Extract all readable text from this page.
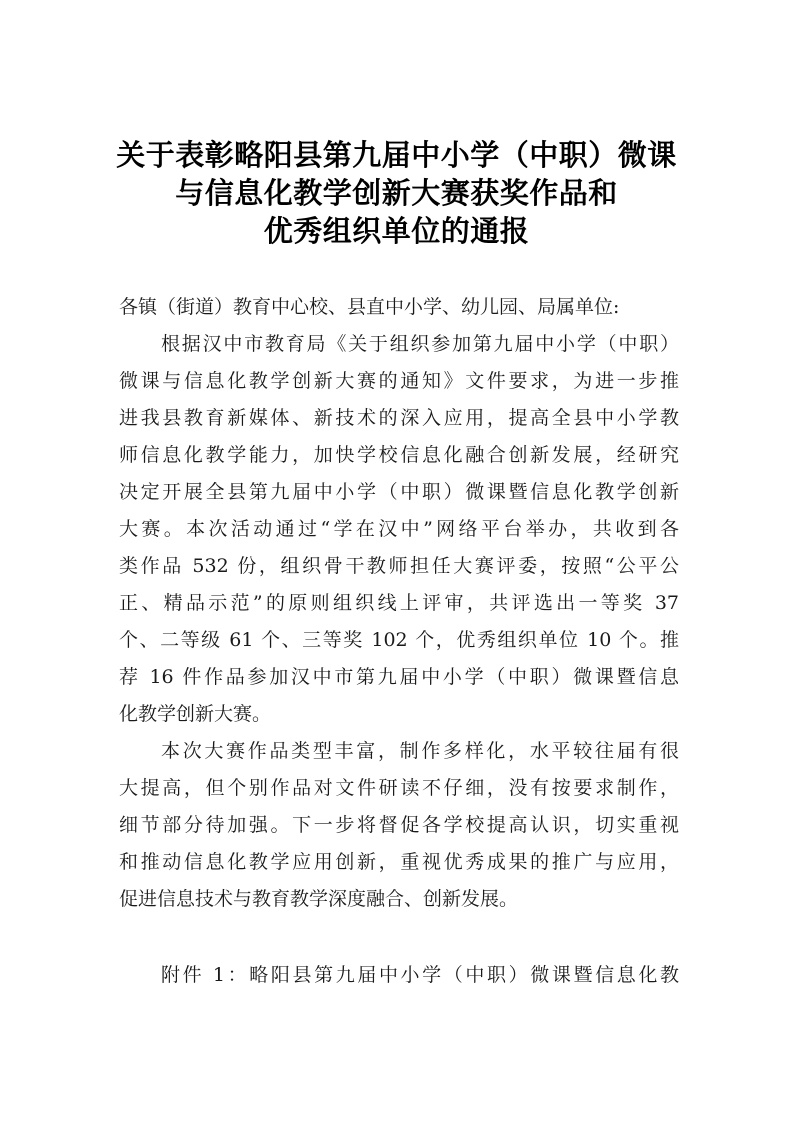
关于表彰略阳县第九届中小学（中职）微课
与信息化教学创新大赛获奖作品和
优秀组织单位的通报
各镇（街道）教育中心校、县直中小学、幼儿园、局属单位:
根据汉中市教育局《关于组织参加第九届中小学（中职）
微课与信息化教学创新大赛的通知》文件要求，为进一步推
进我县教育新媒体、新技术的深入应用，提高全县中小学教
师信息化教学能力，加快学校信息化融合创新发展，经研究
决定开展全县第九届中小学（中职）微课暨信息化教学创新
大赛。本次活动通过“学在汉中”网络平台举办，共收到各
类作品 532 份，组织骨干教师担任大赛评委，按照“公平公
正、精品示范”的原则组织线上评审，共评选出一等奖 37
个、二等级 61 个、三等奖 102 个，优秀组织单位 10 个。推
荐 16 件作品参加汉中市第九届中小学（中职）微课暨信息
化教学创新大赛。
本次大赛作品类型丰富，制作多样化，水平较往届有很
大提高，但个别作品对文件研读不仔细，没有按要求制作，
细节部分待加强。下一步将督促各学校提高认识，切实重视
和推动信息化教学应用创新，重视优秀成果的推广与应用，
促进信息技术与教育教学深度融合、创新发展。
附件 1：略阳县第九届中小学（中职）微课暨信息化教
